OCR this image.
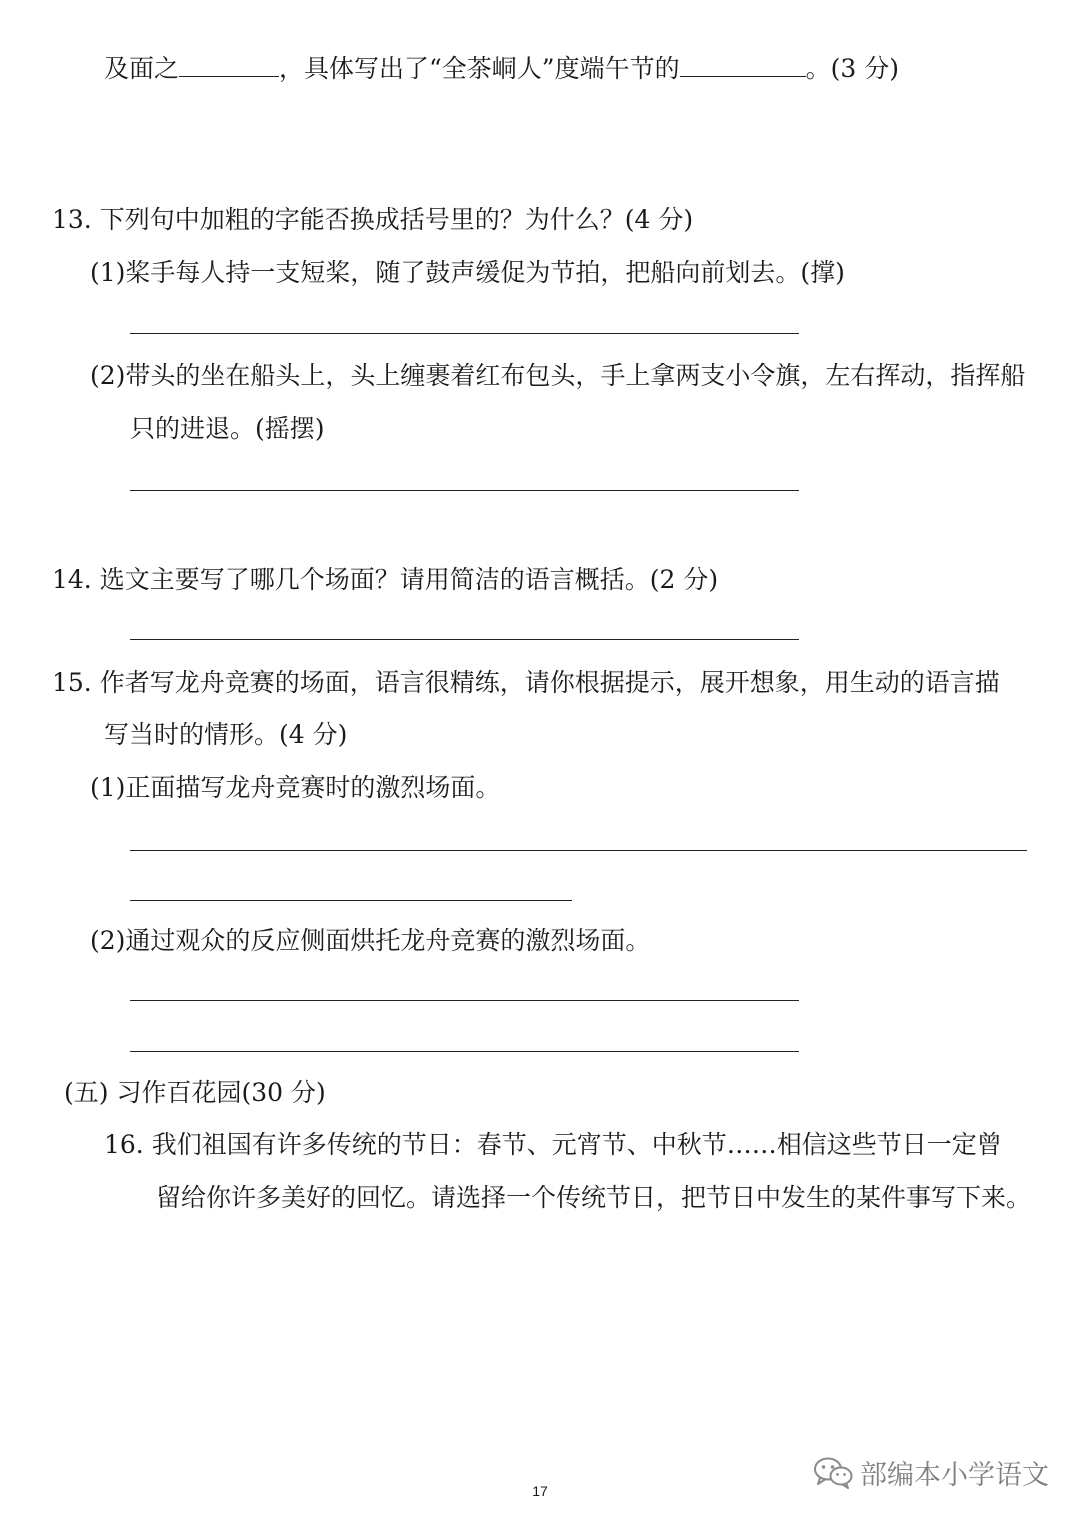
及面之	，具体写出了“全茶峒人”度端午节的	。(3 分)
13. 下列句中加粗的字能否换成括号里的？为什么？(4 分)
(1)桨手每人持一支短桨，随了鼓声缓促为节拍，把船向前划去。(撑)
(2)带头的坐在船头上，头上缠裹着红布包头，手上拿两支小令旗，左右挥动，指挥船
只的进退。(摇摆)
14. 选文主要写了哪几个场面？请用简洁的语言概括。(2 分)
15. 作者写龙舟竞赛的场面，语言很精练，请你根据提示，展开想象，用生动的语言描
写当时的情形。(4 分)
(1)正面描写龙舟竞赛时的激烈场面。
(2)通过观众的反应侧面烘托龙舟竞赛的激烈场面。
(五) 习作百花园(30 分)
16. 我们祖国有许多传统的节日：春节、元宵节、中秋节……相信这些节日一定曾
留给你许多美好的回忆。请选择一个传统节日，把节日中发生的某件事写下来。
17
部编本小学语文
